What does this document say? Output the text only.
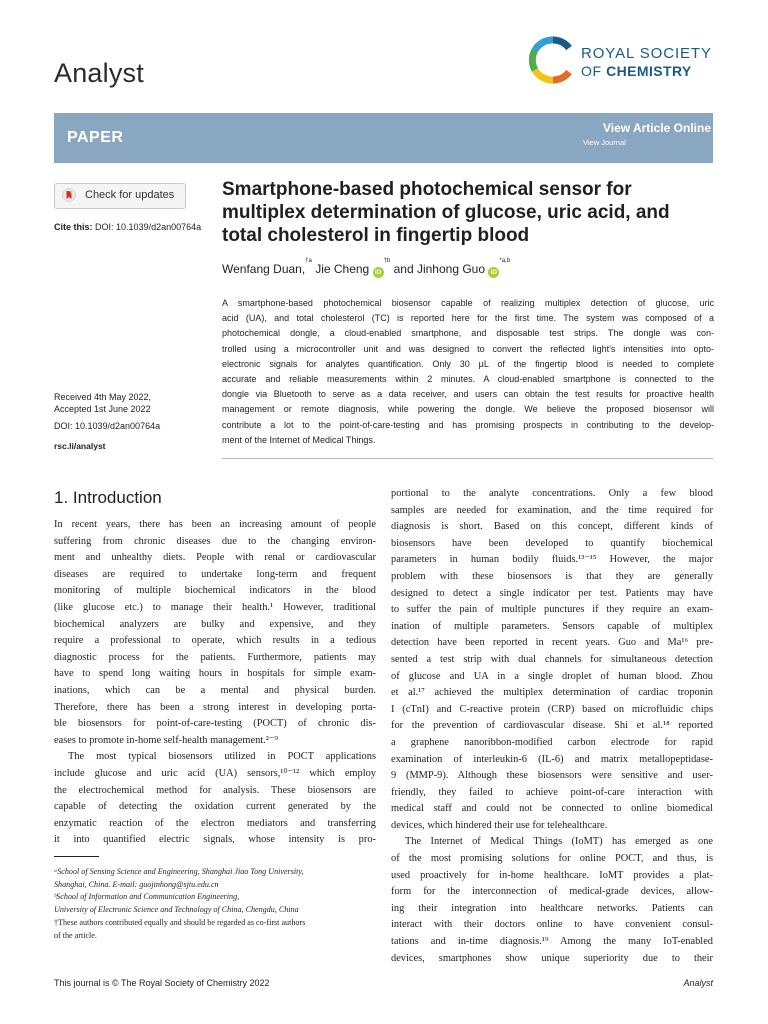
Analyst
ROYAL SOCIETY
OF CHEMISTRY
PAPER
View Article Online
View Journal
Check for updates
Cite this: DOI: 10.1039/d2an00764a
Received 4th May 2022,
Accepted 1st June 2022
DOI: 10.1039/d2an00764a
rsc.li/analyst
Smartphone-based photochemical sensor for multiplex determination of glucose, uric acid, and total cholesterol in fingertip blood
Wenfang Duan,$^{\dagger a}$ Jie Cheng $iD^{\dagger b}$ and Jinhong Guo iD$^{*a,b}$
A smartphone-based photochemical biosensor capable of realizing multiplex detection of glucose, uric
acid (UA), and total cholesterol (TC) is reported here for the first time. The system was composed of a
photochemical dongle, a cloud-enabled smartphone, and disposable test strips. The dongle was con-
trolled using a microcontroller unit and was designed to convert the reflected light's intensities into opto-
electronic signals for analytes quantification. Only 30 μL of the fingertip blood is needed to complete
accurate and reliable measurements within 2 minutes. A cloud-enabled smartphone is connected to the
dongle via Bluetooth to serve as a data receiver, and users can obtain the test results for proactive health
management or remote diagnosis, while powering the dongle. We believe the proposed biosensor will
contribute a lot to the point-of-care-testing and has promising prospects in contributing to the develop-
ment of the Internet of Medical Things.
1. Introduction
In recent years, there has been an increasing amount of people
suffering from chronic diseases due to the changing environ-
ment and unhealthy diets. People with renal or cardiovascular
diseases are required to undertake long-term and frequent
monitoring of multiple biochemical indicators in the blood
(like glucose etc.) to manage their health.¹ However, traditional
biochemical analyzers are bulky and expensive, and they
require a professional to operate, which results in a tedious
diagnostic process for the patients. Furthermore, patients may
have to spend long waiting hours in hospitals for simple exam-
inations, which can be a mental and physical burden.
Therefore, there has been a strong interest in developing porta-
ble biosensors for point-of-care-testing (POCT) of chronic dis-
eases to promote in-home self-health management.²⁻⁹
The most typical biosensors utilized in POCT applications
include glucose and uric acid (UA) sensors,¹⁰⁻¹² which employ
the electrochemical method for analysis. These biosensors are
capable of detecting the oxidation current generated by the
enzymatic reaction of the electron mediators and transferring
it into quantified electric signals, whose intensity is pro-
portional to the analyte concentrations. Only a few blood
samples are needed for examination, and the time required for
diagnosis is short. Based on this concept, different kinds of
biosensors have been developed to quantify biochemical
parameters in human bodily fluids.¹³⁻¹⁵ However, the major
problem with these biosensors is that they are generally
designed to detect a single indicator per test. Patients may have
to suffer the pain of multiple punctures if they require an exam-
ination of multiple parameters. Sensors capable of multiplex
detection have been reported in recent years. Guo and Ma¹⁶ pre-
sented a test strip with dual channels for simultaneous detection
of glucose and UA in a single droplet of human blood. Zhou
et al.¹⁷ achieved the multiplex determination of cardiac troponin
I (cTnI) and C-reactive protein (CRP) based on microfluidic chips
for the prevention of cardiovascular disease. Shi et al.¹⁸ reported
a graphene nanoribbon-modified carbon electrode for rapid
examination of interleukin-6 (IL-6) and matrix metallopeptidase-
9 (MMP-9). Although these biosensors were sensitive and user-
friendly, they failed to achieve point-of-care interaction with
medical staff and could not be connected to online biomedical
devices, which hindered their use for telehealthcare.
The Internet of Medical Things (IoMT) has emerged as one
of the most promising solutions for online POCT, and thus, is
used proactively for in-home healthcare. IoMT provides a plat-
form for the interconnection of medical-grade devices, allow-
ing their integration into healthcare networks. Patients can
interact with their doctors online to have convenient consul-
tations and in-time diagnosis.¹⁹ Among the many IoT-enabled
devices, smartphones show unique superiority due to their
ᵃSchool of Sensing Science and Engineering, Shanghai Jiao Tong University,
Shanghai, China. E-mail: guojinhong@sjtu.edu.cn
ᵇSchool of Information and Communication Engineering,
University of Electronic Science and Technology of China, Chengdu, China
†These authors contributed equally and should be regarded as co-first authors
of the article.
This journal is © The Royal Society of Chemistry 2022	Analyst
